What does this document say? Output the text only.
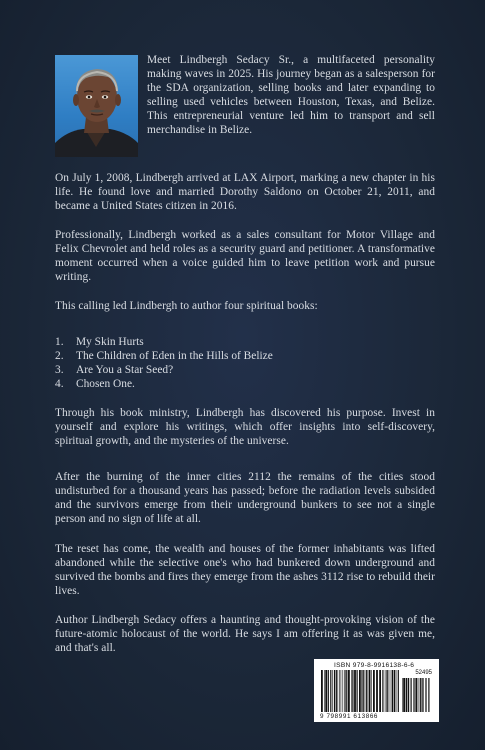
Meet Lindbergh Sedacy Sr., a multifaceted personality making waves in 2025. His journey began as a salesperson for the SDA organization, selling books and later expanding to selling used vehicles between Houston, Texas, and Belize. This entrepreneurial venture led him to transport and sell merchandise in Belize.

On July 1, 2008, Lindbergh arrived at LAX Airport, marking a new chapter in his life. He found love and married Dorothy Saldono on October 21, 2011, and became a United States citizen in 2016.

Professionally, Lindbergh worked as a sales consultant for Motor Village and Felix Chevrolet and held roles as a security guard and petitioner. A transformative moment occurred when a voice guided him to leave petition work and pursue writing.

This calling led Lindbergh to author four spiritual books:

1.	My Skin Hurts
2.	The Children of Eden in the Hills of Belize
3.	Are You a Star Seed?
4.	Chosen One.

Through his book ministry, Lindbergh has discovered his purpose. Invest in yourself and explore his writings, which offer insights into self-discovery, spiritual growth, and the mysteries of the universe.

After the burning of the inner cities 2112 the remains of the cities stood undisturbed for a thousand years has passed; before the radiation levels subsided and the survivors emerge from their underground bunkers to see not a single person and no sign of life at all.

The reset has come, the wealth and houses of the former inhabitants was lifted abandoned while the selective one's who had bunkered down underground and survived the bombs and fires they emerge from the ashes 3112 rise to rebuild their lives.

Author Lindbergh Sedacy offers a haunting and thought-provoking vision of the future-atomic holocaust of the world. He says I am offering it as was given me, and that's all.

ISBN 979-8-9916138-6-6
52495
9 798991 613866
